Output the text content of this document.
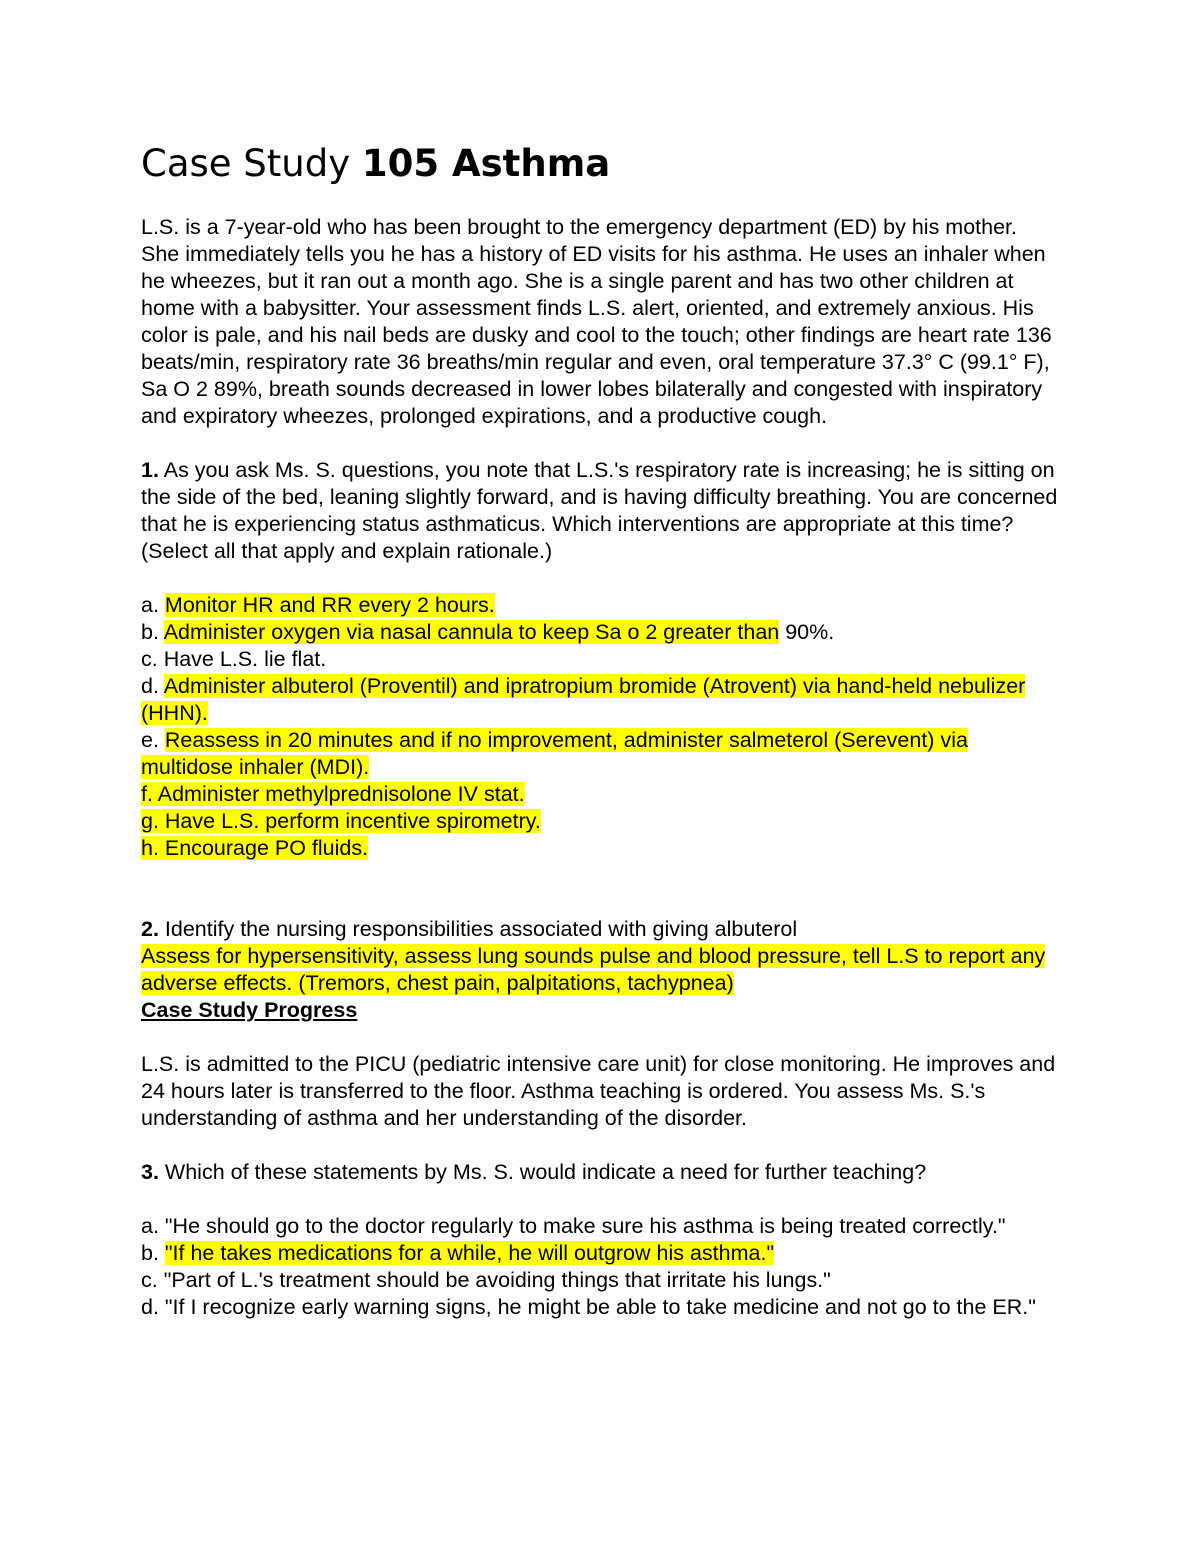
Case Study 105 Asthma

L.S. is a 7-year-old who has been brought to the emergency department (ED) by his mother. She immediately tells you he has a history of ED visits for his asthma. He uses an inhaler when he wheezes, but it ran out a month ago. She is a single parent and has two other children at home with a babysitter. Your assessment finds L.S. alert, oriented, and extremely anxious. His color is pale, and his nail beds are dusky and cool to the touch; other findings are heart rate 136 beats/min, respiratory rate 36 breaths/min regular and even, oral temperature 37.3° C (99.1° F), Sa O 2 89%, breath sounds decreased in lower lobes bilaterally and congested with inspiratory and expiratory wheezes, prolonged expirations, and a productive cough.

1. As you ask Ms. S. questions, you note that L.S.'s respiratory rate is increasing; he is sitting on the side of the bed, leaning slightly forward, and is having difficulty breathing. You are concerned that he is experiencing status asthmaticus. Which interventions are appropriate at this time? (Select all that apply and explain rationale.)

a. Monitor HR and RR every 2 hours.

b. Administer oxygen via nasal cannula to keep Sa o 2 greater than 90%.

c. Have L.S. lie flat.

d. Administer albuterol (Proventil) and ipratropium bromide (Atrovent) via hand-held nebulizer (HHN).

e. Reassess in 20 minutes and if no improvement, administer salmeterol (Serevent) via multidose inhaler (MDI).

f. Administer methylprednisolone IV stat.

g. Have L.S. perform incentive spirometry.

h. Encourage PO fluids.

2. Identify the nursing responsibilities associated with giving albuterol

Assess for hypersensitivity, assess lung sounds pulse and blood pressure, tell L.S to report any adverse effects. (Tremors, chest pain, palpitations, tachypnea)

Case Study Progress

L.S. is admitted to the PICU (pediatric intensive care unit) for close monitoring. He improves and 24 hours later is transferred to the floor. Asthma teaching is ordered. You assess Ms. S.'s understanding of asthma and her understanding of the disorder.

3. Which of these statements by Ms. S. would indicate a need for further teaching?

a. "He should go to the doctor regularly to make sure his asthma is being treated correctly."

b. "If he takes medications for a while, he will outgrow his asthma."

c. "Part of L.'s treatment should be avoiding things that irritate his lungs."

d. "If I recognize early warning signs, he might be able to take medicine and not go to the ER."
